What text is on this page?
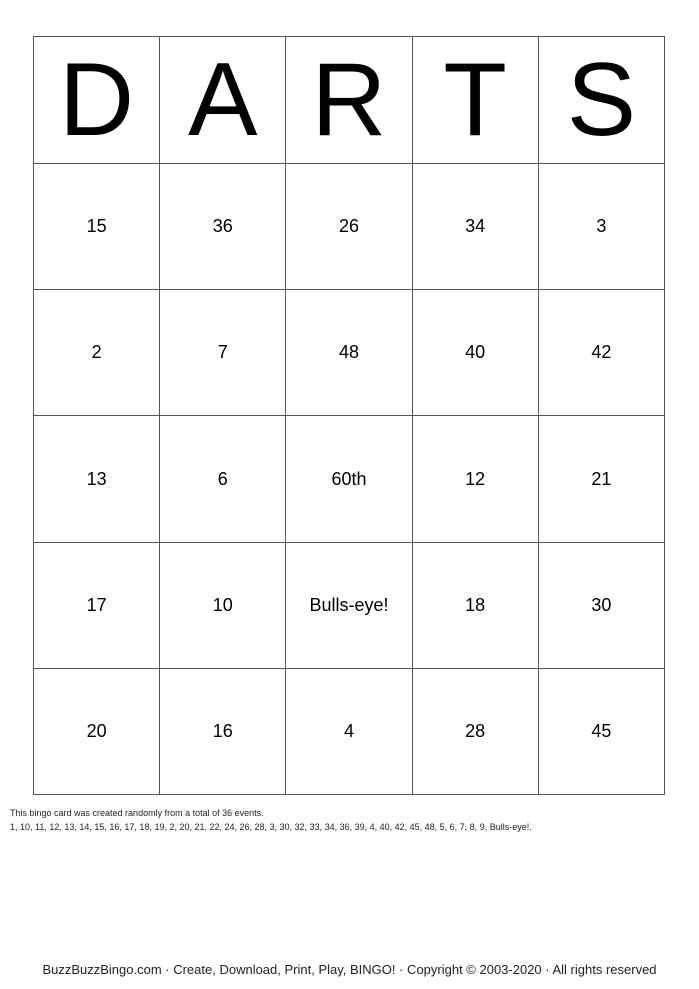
D	A	R	T	S
15	36	26	34	3
2	7	48	40	42
13	6	60th	12	21
17	10	Bulls-eye!	18	30
20	16	4	28	45
This bingo card was created randomly from a total of 36 events.
1, 10, 11, 12, 13, 14, 15, 16, 17, 18, 19, 2, 20, 21, 22, 24, 26, 28, 3, 30, 32, 33, 34, 36, 39, 4, 40, 42, 45, 48, 5, 6, 7, 8, 9, Bulls-eye!.
BuzzBuzzBingo.com · Create, Download, Print, Play, BINGO! · Copyright © 2003-2020 · All rights reserved
